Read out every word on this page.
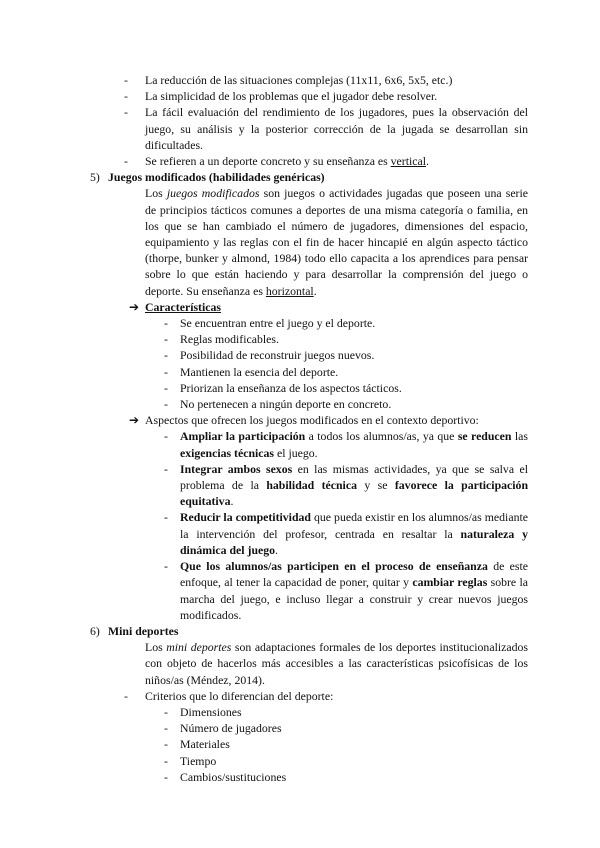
- La reducción de las situaciones complejas (11x11, 6x6, 5x5, etc.)
- La simplicidad de los problemas que el jugador debe resolver.
- La fácil evaluación del rendimiento de los jugadores, pues la observación del juego, su análisis y la posterior corrección de la jugada se desarrollan sin dificultades.
- Se refieren a un deporte concreto y su enseñanza es vertical.
5) Juegos modificados (habilidades genéricas)
Los juegos modificados son juegos o actividades jugadas que poseen una serie de principios tácticos comunes a deportes de una misma categoría o familia, en los que se han cambiado el número de jugadores, dimensiones del espacio, equipamiento y las reglas con el fin de hacer hincapié en algún aspecto táctico (thorpe, bunker y almond, 1984) todo ello capacita a los aprendices para pensar sobre lo que están haciendo y para desarrollar la comprensión del juego o deporte. Su enseñanza es horizontal.
➔ Características
- Se encuentran entre el juego y el deporte.
- Reglas modificables.
- Posibilidad de reconstruir juegos nuevos.
- Mantienen la esencia del deporte.
- Priorizan la enseñanza de los aspectos tácticos.
- No pertenecen a ningún deporte en concreto.
➔ Aspectos que ofrecen los juegos modificados en el contexto deportivo:
- Ampliar la participación a todos los alumnos/as, ya que se reducen las exigencias técnicas el juego.
- Integrar ambos sexos en las mismas actividades, ya que se salva el problema de la habilidad técnica y se favorece la participación equitativa.
- Reducir la competitividad que pueda existir en los alumnos/as mediante la intervención del profesor, centrada en resaltar la naturaleza y dinámica del juego.
- Que los alumnos/as participen en el proceso de enseñanza de este enfoque, al tener la capacidad de poner, quitar y cambiar reglas sobre la marcha del juego, e incluso llegar a construir y crear nuevos juegos modificados.
6) Mini deportes
Los mini deportes son adaptaciones formales de los deportes institucionalizados con objeto de hacerlos más accesibles a las características psicofísicas de los niños/as (Méndez, 2014).
- Criterios que lo diferencian del deporte:
- Dimensiones
- Número de jugadores
- Materiales
- Tiempo
- Cambios/sustituciones
